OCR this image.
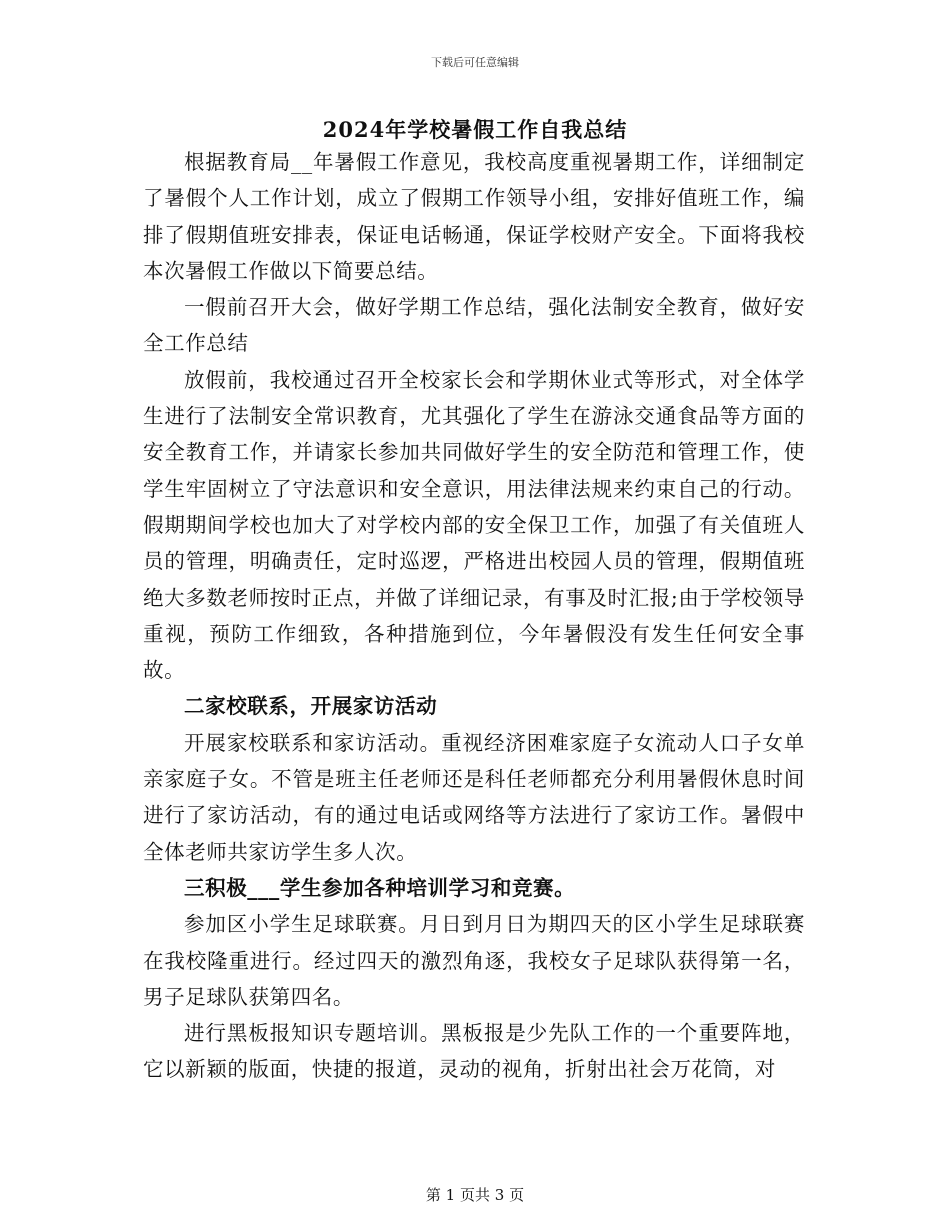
下载后可任意编辑
2024年学校暑假工作自我总结

根据教育局__年暑假工作意见，我校高度重视暑期工作，详细制定了暑假个人工作计划，成立了假期工作领导小组，安排好值班工作，编排了假期值班安排表，保证电话畅通，保证学校财产安全。下面将我校本次暑假工作做以下简要总结。

一假前召开大会，做好学期工作总结，强化法制安全教育，做好安全工作总结

放假前，我校通过召开全校家长会和学期休业式等形式，对全体学生进行了法制安全常识教育，尤其强化了学生在游泳交通食品等方面的安全教育工作，并请家长参加共同做好学生的安全防范和管理工作，使学生牢固树立了守法意识和安全意识，用法律法规来约束自己的行动。假期期间学校也加大了对学校内部的安全保卫工作，加强了有关值班人员的管理，明确责任，定时巡逻，严格进出校园人员的管理，假期值班绝大多数老师按时正点，并做了详细记录，有事及时汇报;由于学校领导重视，预防工作细致，各种措施到位，今年暑假没有发生任何安全事故。

二家校联系，开展家访活动

开展家校联系和家访活动。重视经济困难家庭子女流动人口子女单亲家庭子女。不管是班主任老师还是科任老师都充分利用暑假休息时间进行了家访活动，有的通过电话或网络等方法进行了家访工作。暑假中全体老师共家访学生多人次。

三积极___学生参加各种培训学习和竞赛。

参加区小学生足球联赛。月日到月日为期四天的区小学生足球联赛在我校隆重进行。经过四天的激烈角逐，我校女子足球队获得第一名，男子足球队获第四名。

进行黑板报知识专题培训。黑板报是少先队工作的一个重要阵地，它以新颖的版面，快捷的报道，灵动的视角，折射出社会万花筒，对

第 1 页共 3 页
